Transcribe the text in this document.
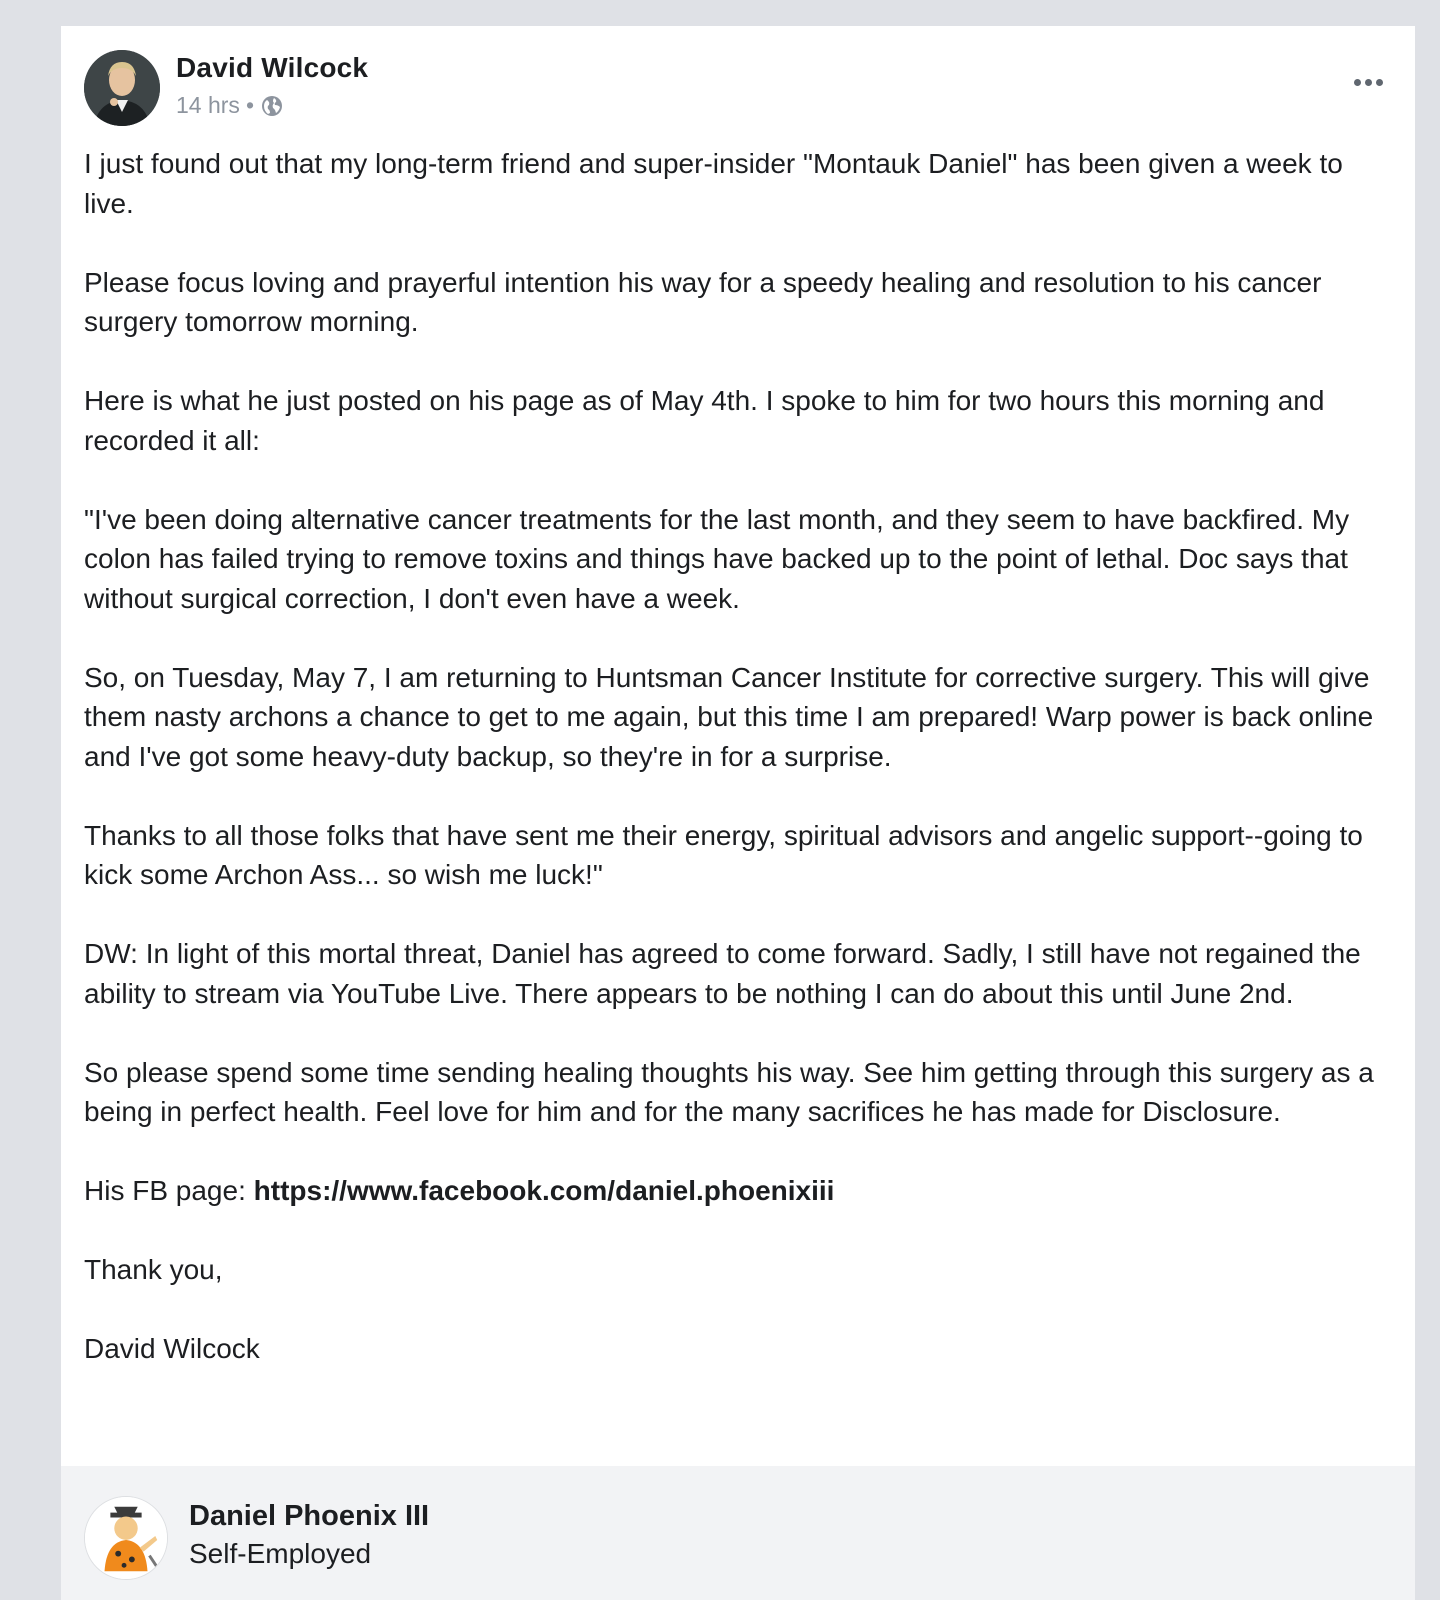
David Wilcock
14 hrs •

I just found out that my long-term friend and super-insider "Montauk Daniel" has been given a week to live.

Please focus loving and prayerful intention his way for a speedy healing and resolution to his cancer surgery tomorrow morning.

Here is what he just posted on his page as of May 4th. I spoke to him for two hours this morning and recorded it all:

"I've been doing alternative cancer treatments for the last month, and they seem to have backfired. My colon has failed trying to remove toxins and things have backed up to the point of lethal. Doc says that without surgical correction, I don't even have a week.

So, on Tuesday, May 7, I am returning to Huntsman Cancer Institute for corrective surgery. This will give them nasty archons a chance to get to me again, but this time I am prepared! Warp power is back online and I've got some heavy-duty backup, so they're in for a surprise.

Thanks to all those folks that have sent me their energy, spiritual advisors and angelic support--going to kick some Archon Ass... so wish me luck!"

DW: In light of this mortal threat, Daniel has agreed to come forward. Sadly, I still have not regained the ability to stream via YouTube Live. There appears to be nothing I can do about this until June 2nd.

So please spend some time sending healing thoughts his way. See him getting through this surgery as a being in perfect health. Feel love for him and for the many sacrifices he has made for Disclosure.

His FB page: https://www.facebook.com/daniel.phoenixiii

Thank you,

David Wilcock

Daniel Phoenix III
Self-Employed
